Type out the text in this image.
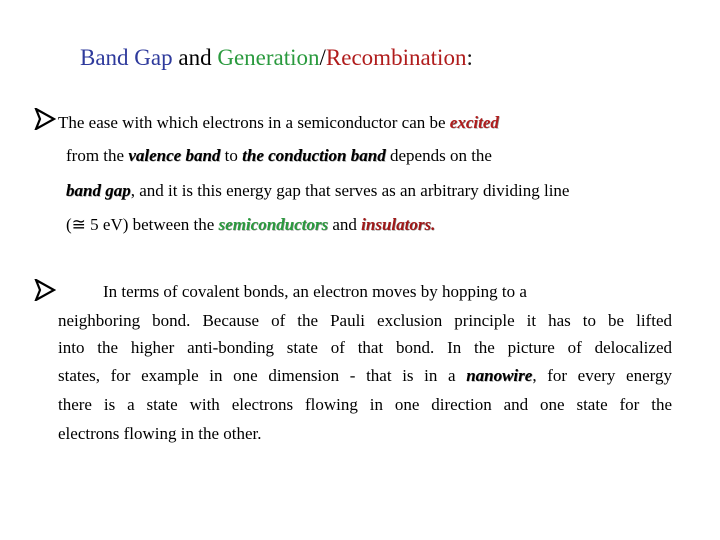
Band Gap and Generation/Recombination:
The ease with which electrons in a semiconductor can be excited
from the valence band to the conduction band depends on the
band gap, and it is this energy gap that serves as an arbitrary dividing line
(≅ 5 eV) between the semiconductors and insulators.
In terms of covalent bonds, an electron moves by hopping to a
neighboring bond. Because of the Pauli exclusion principle it has to be lifted
into the higher anti-bonding state of that bond. In the picture of delocalized
states, for example in one dimension - that is in a nanowire, for every energy
there is a state with electrons flowing in one direction and one state for the
electrons flowing in the other.
